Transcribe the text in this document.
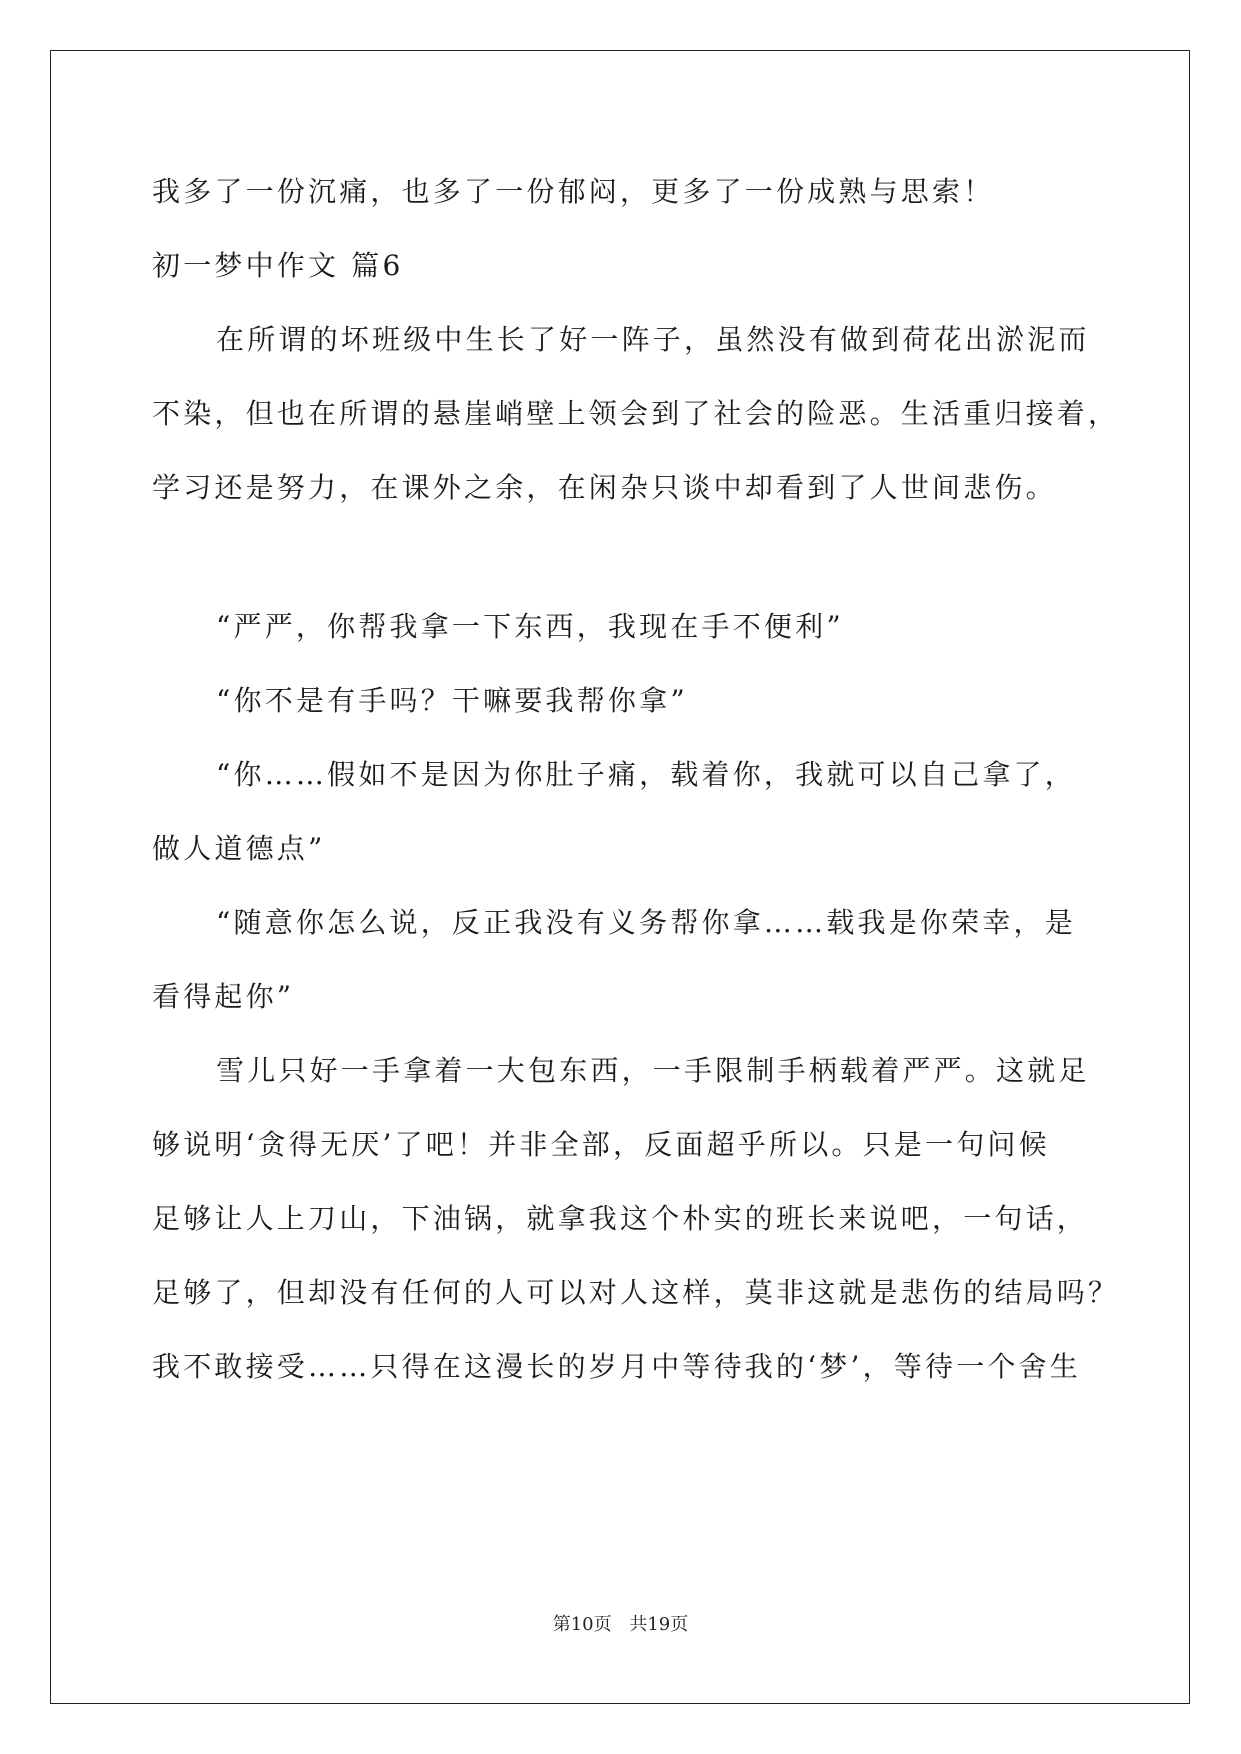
我多了一份沉痛，也多了一份郁闷，更多了一份成熟与思索！
初一梦中作文 篇6
在所谓的坏班级中生长了好一阵子，虽然没有做到荷花出淤泥而
不染，但也在所谓的悬崖峭壁上领会到了社会的险恶。生活重归接着，
学习还是努力，在课外之余，在闲杂只谈中却看到了人世间悲伤。
“严严，你帮我拿一下东西，我现在手不便利”
“你不是有手吗？干嘛要我帮你拿”
“你……假如不是因为你肚子痛，载着你，我就可以自己拿了，
做人道德点”
“随意你怎么说，反正我没有义务帮你拿……载我是你荣幸，是
看得起你”
雪儿只好一手拿着一大包东西，一手限制手柄载着严严。这就足
够说明‘贪得无厌’了吧！并非全部，反面超乎所以。只是一句问候
足够让人上刀山，下油锅，就拿我这个朴实的班长来说吧，一句话，
足够了，但却没有任何的人可以对人这样，莫非这就是悲伤的结局吗？
我不敢接受……只得在这漫长的岁月中等待我的‘梦’，等待一个舍生
第10页 共19页
